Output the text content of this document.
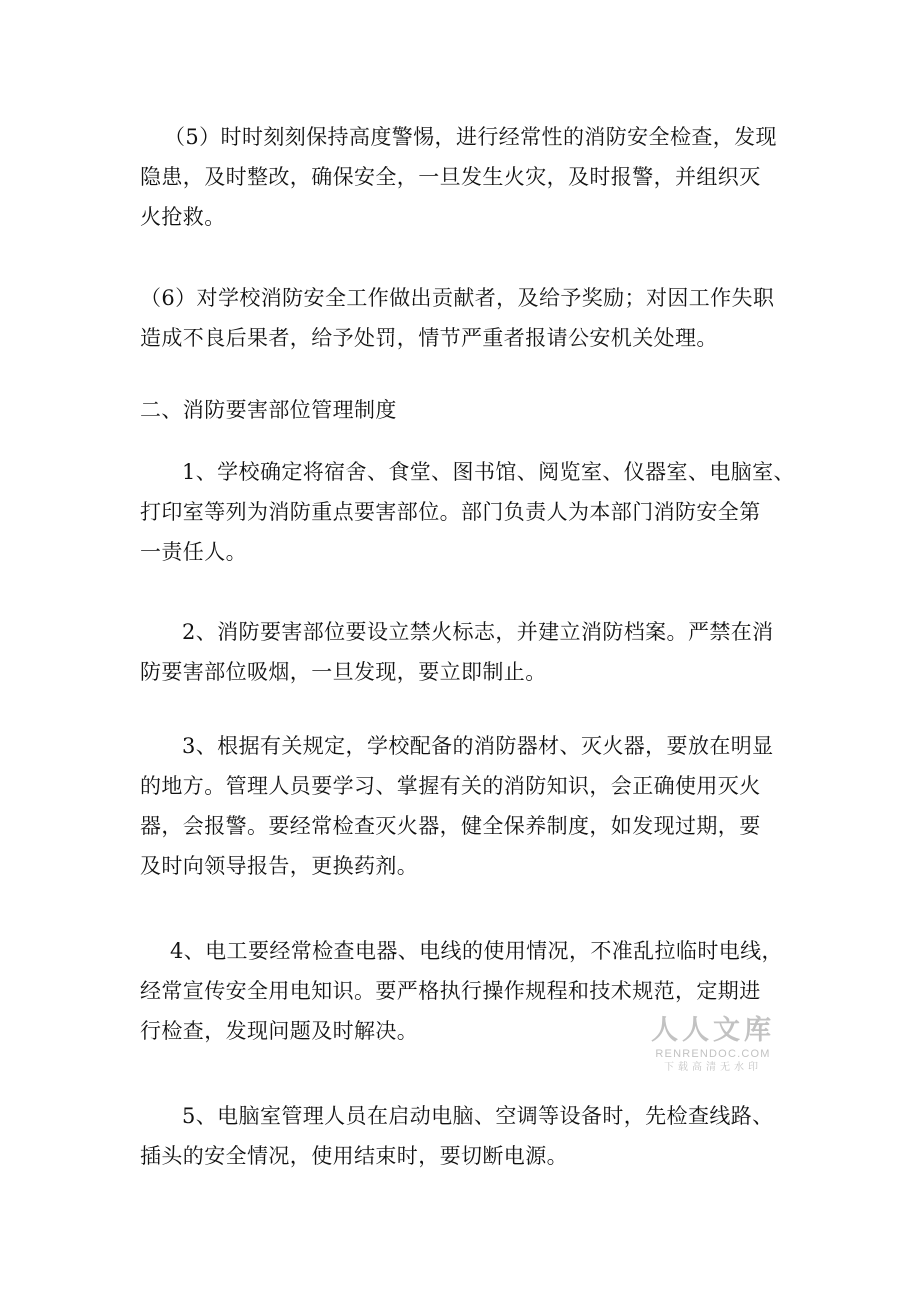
（5）时时刻刻保持高度警惕，进行经常性的消防安全检查，发现
隐患，及时整改，确保安全，一旦发生火灾，及时报警，并组织灭
火抢救。
（6）对学校消防安全工作做出贡献者，及给予奖励；对因工作失职
造成不良后果者，给予处罚，情节严重者报请公安机关处理。
二、消防要害部位管理制度
1、学校确定将宿舍、食堂、图书馆、阅览室、仪器室、电脑室、
打印室等列为消防重点要害部位。部门负责人为本部门消防安全第
一责任人。
2、消防要害部位要设立禁火标志，并建立消防档案。严禁在消
防要害部位吸烟，一旦发现，要立即制止。
3、根据有关规定，学校配备的消防器材、灭火器，要放在明显
的地方。管理人员要学习、掌握有关的消防知识，会正确使用灭火
器，会报警。要经常检查灭火器，健全保养制度，如发现过期，要
及时向领导报告，更换药剂。
4、电工要经常检查电器、电线的使用情况，不准乱拉临时电线，
经常宣传安全用电知识。要严格执行操作规程和技术规范，定期进
行检查，发现问题及时解决。
5、电脑室管理人员在启动电脑、空调等设备时，先检查线路、
插头的安全情况，使用结束时，要切断电源。
人人文库
RENRENDOC.COM
下载高清无水印
